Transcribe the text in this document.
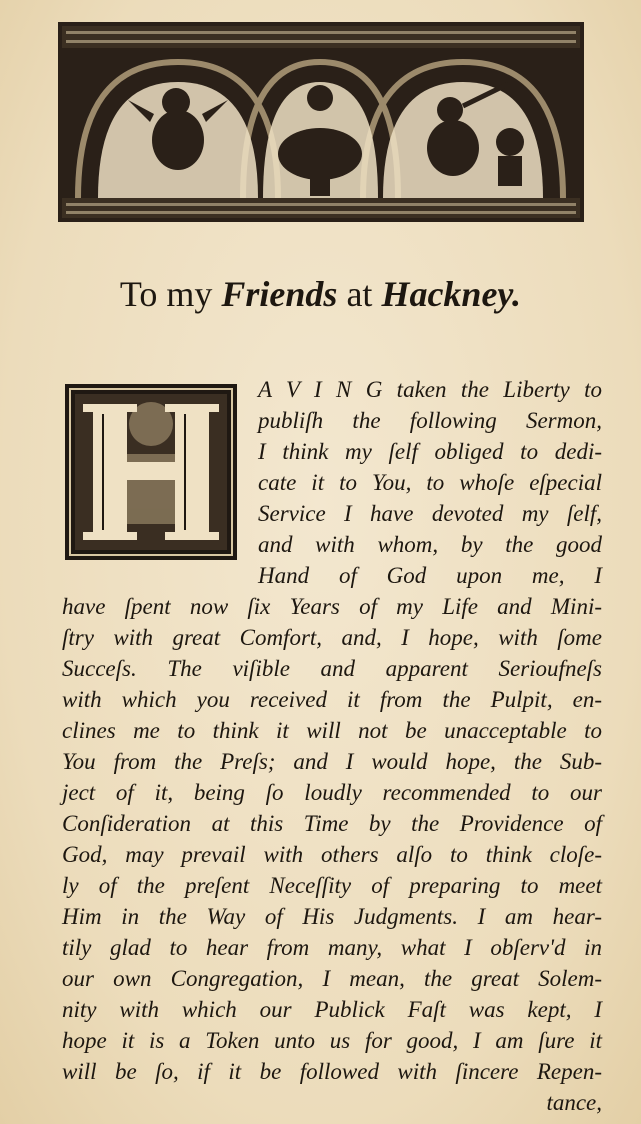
To my Friends at Hackney.
A V I N G taken the Liberty to
publiſh the following Sermon,
I think my ſelf obliged to dedi-
cate it to You, to whoſe eſpecial
Service I have devoted my ſelf,
and with whom, by the good
Hand of God upon me, I
have ſpent now ſix Years of my Life and Mini-
ſtry with great Comfort, and, I hope, with ſome
Succeſs. The viſible and apparent Serioufneſs
with which you received it from the Pulpit, en-
clines me to think it will not be unacceptable to
You from the Preſs; and I would hope, the Sub-
ject of it, being ſo loudly recommended to our
Conſideration at this Time by the Providence of
God, may prevail with others alſo to think cloſe-
ly of the preſent Neceſſity of preparing to meet
Him in the Way of His Judgments. I am hear-
tily glad to hear from many, what I obſerv'd in
our own Congregation, I mean, the great Solem-
nity with which our Publick Faſt was kept, I
hope it is a Token unto us for good, I am ſure it
will be ſo, if it be followed with ſincere Repen-
tance,
